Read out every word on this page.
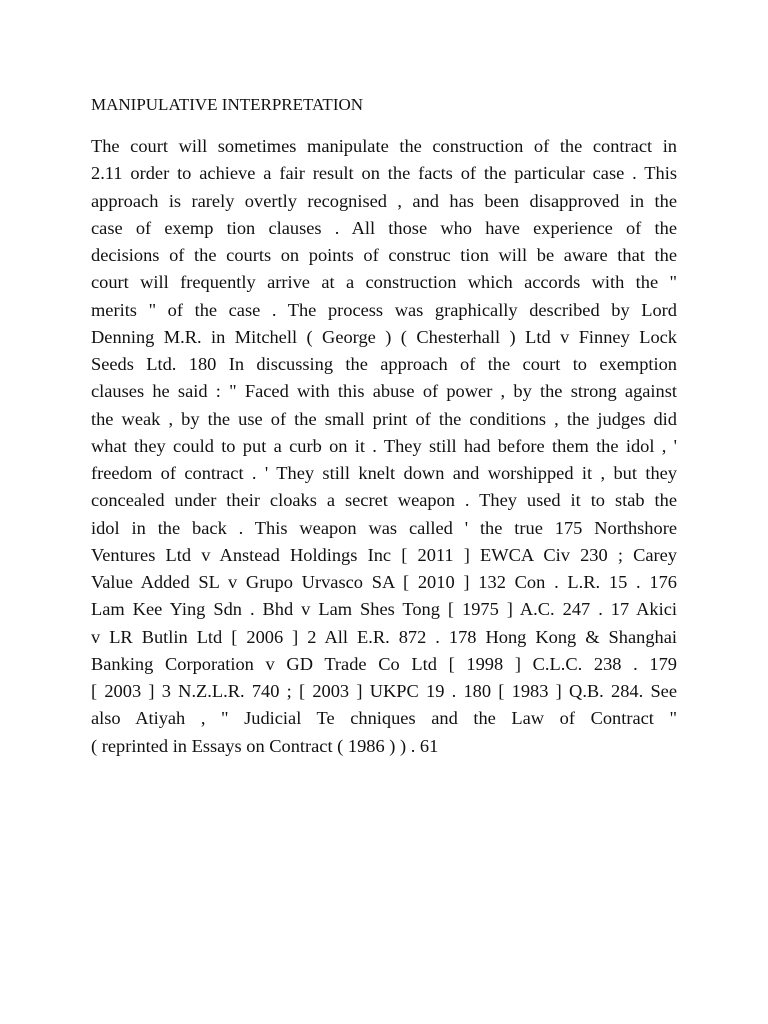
MANIPULATIVE INTERPRETATION
The court will sometimes manipulate the construction of the contract in
2.11 order to achieve a fair result on the facts of the particular case . This
approach is rarely overtly recognised , and has been disapproved in the
case of exemp tion clauses . All those who have experience of the
decisions of the courts on points of construc tion will be aware that the
court will frequently arrive at a construction which accords with the "
merits " of the case . The process was graphically described by Lord
Denning M.R. in Mitchell ( George ) ( Chesterhall ) Ltd v Finney Lock
Seeds Ltd. 180 In discussing the approach of the court to exemption
clauses he said : " Faced with this abuse of power , by the strong against
the weak , by the use of the small print of the conditions , the judges did
what they could to put a curb on it . They still had before them the idol , '
freedom of contract . ' They still knelt down and worshipped it , but they
concealed under their cloaks a secret weapon . They used it to stab the
idol in the back . This weapon was called ' the true 175 Northshore
Ventures Ltd v Anstead Holdings Inc [ 2011 ] EWCA Civ 230 ; Carey
Value Added SL v Grupo Urvasco SA [ 2010 ] 132 Con . L.R. 15 . 176
Lam Kee Ying Sdn . Bhd v Lam Shes Tong [ 1975 ] A.C. 247 . 17 Akici
v LR Butlin Ltd [ 2006 ] 2 All E.R. 872 . 178 Hong Kong & Shanghai
Banking Corporation v GD Trade Co Ltd [ 1998 ] C.L.C. 238 . 179
[ 2003 ] 3 N.Z.L.R. 740 ; [ 2003 ] UKPC 19 . 180 [ 1983 ] Q.B. 284. See
also Atiyah , " Judicial Te chniques and the Law of Contract "
( reprinted in Essays on Contract ( 1986 ) ) . 61
